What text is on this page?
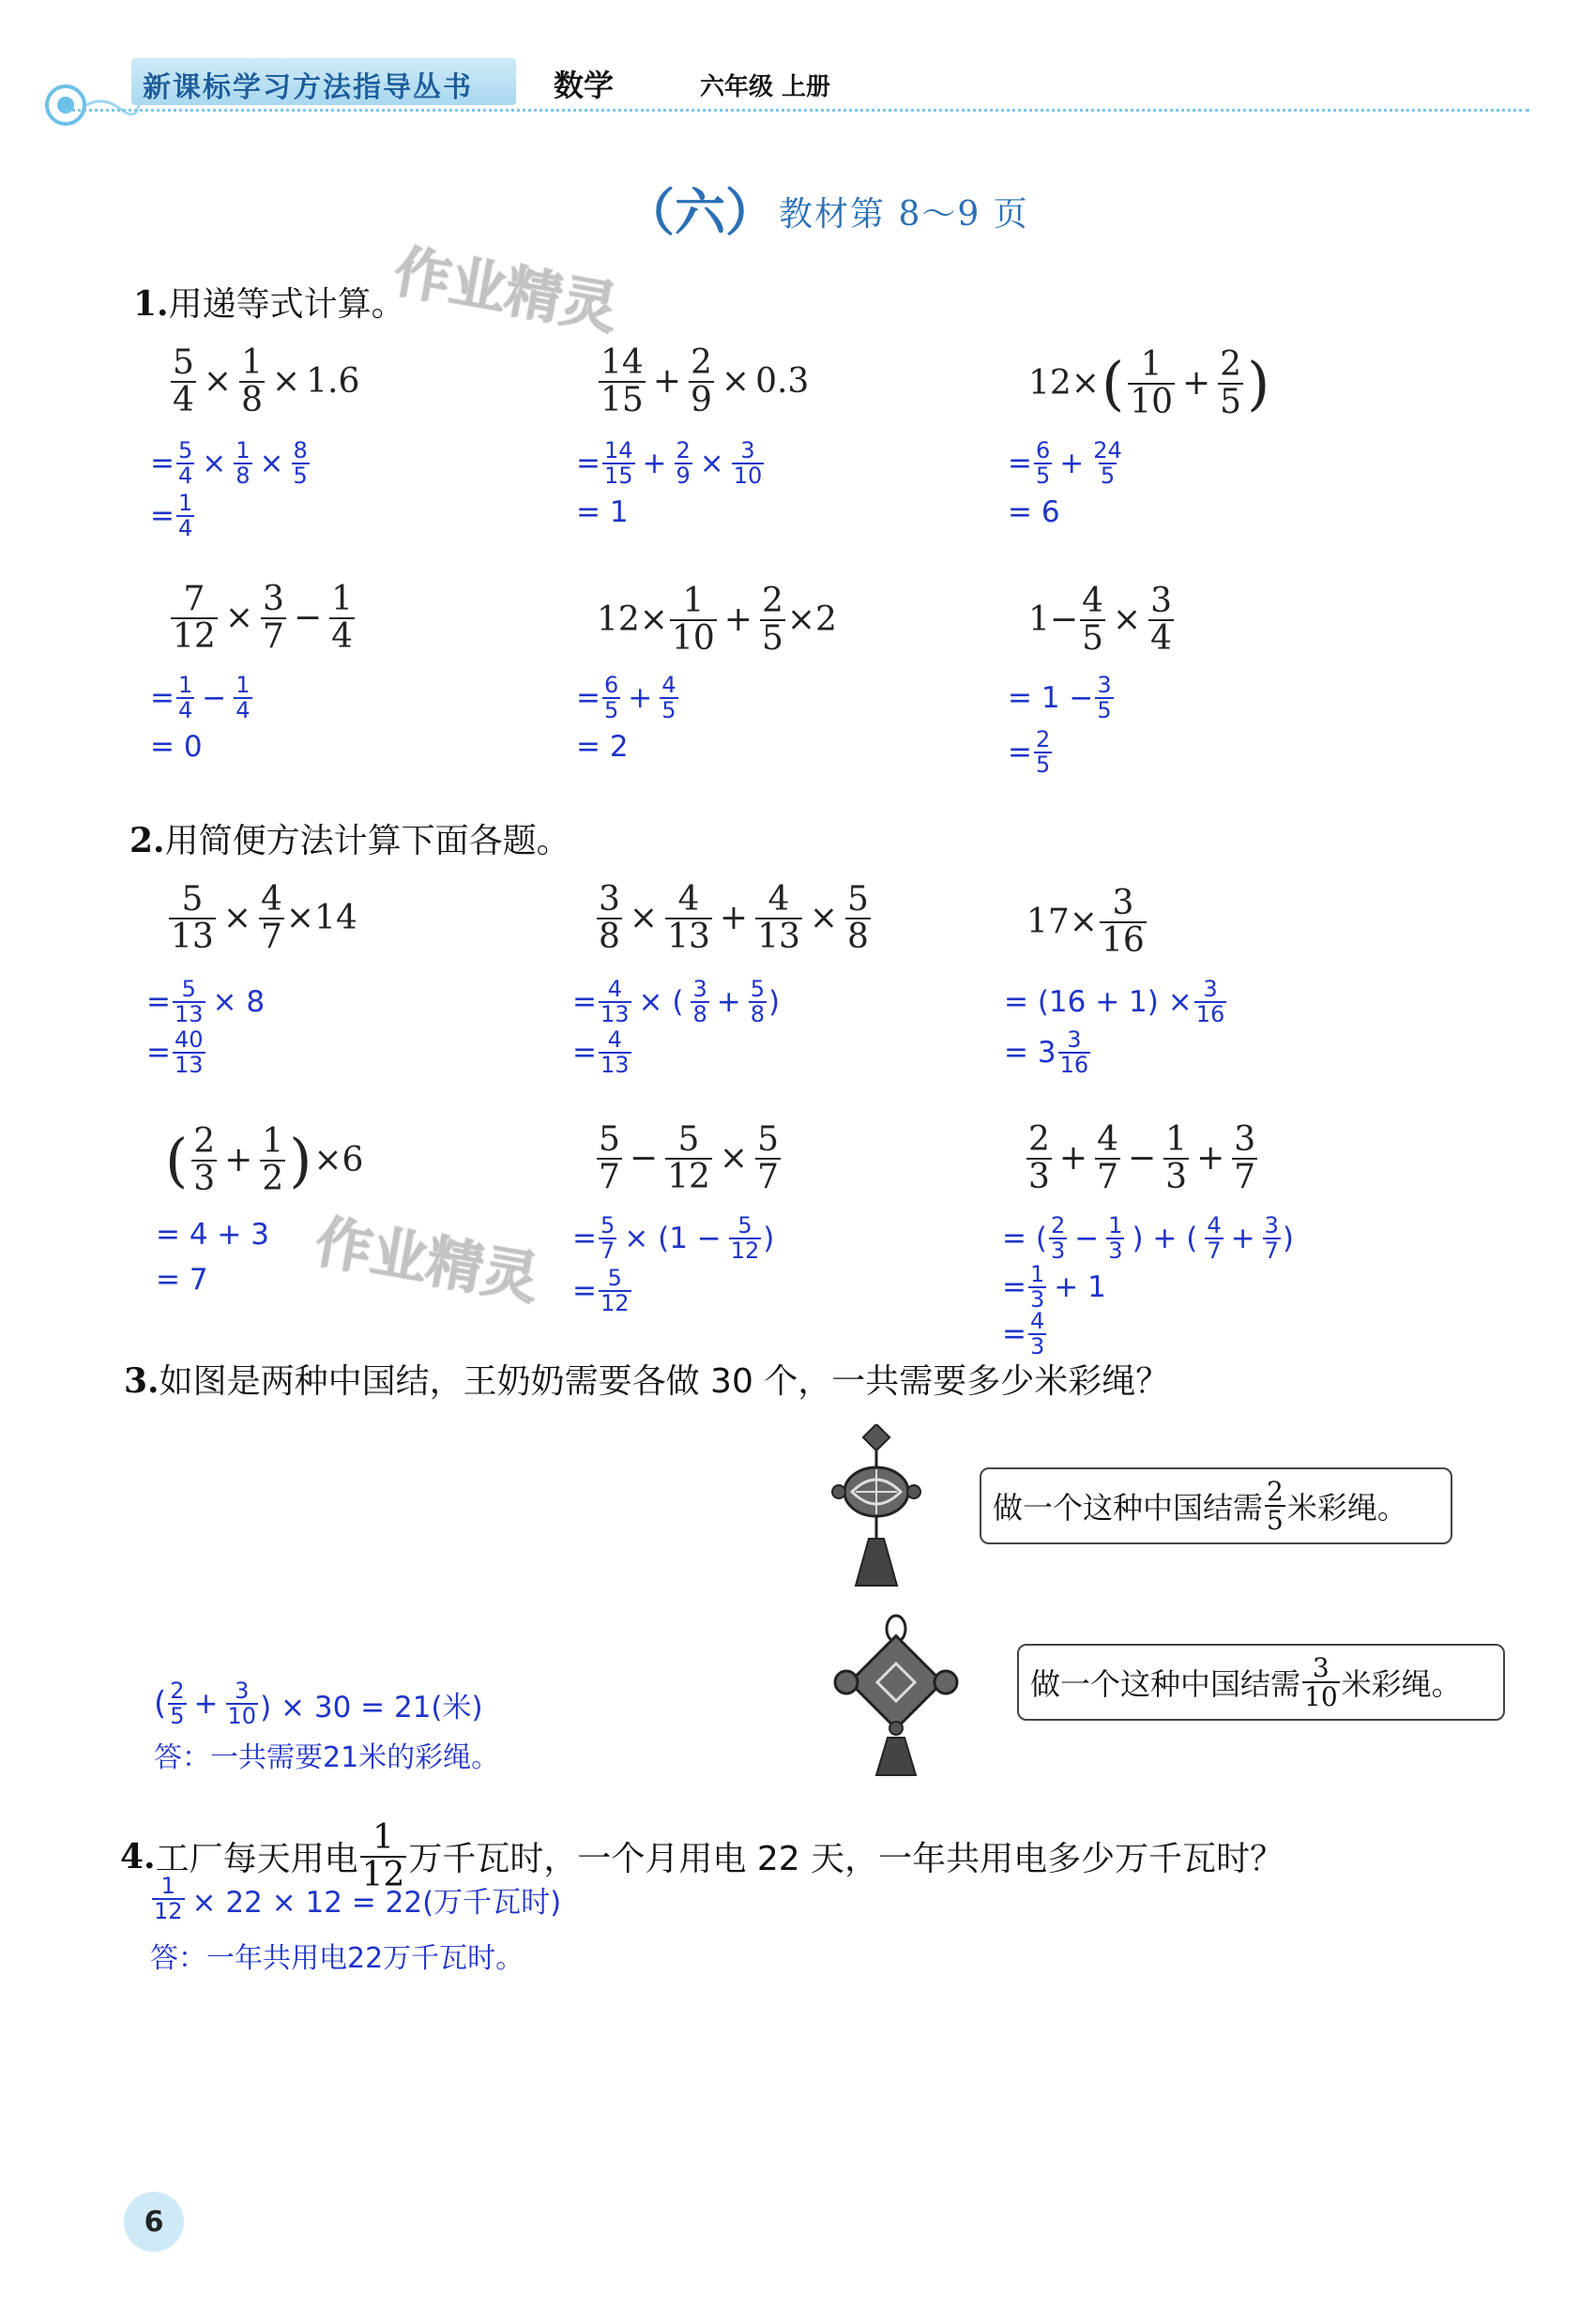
新课标学习方法指导丛书	数学	六年级 上册
（六） 教材第 8～9 页
作业精灵
作业精灵
1.用递等式计算。
$\frac{5}{4} \times \frac{1}{8} \times 1.6$
= $\frac{5}{4} \times \frac{1}{8} \times \frac{8}{5}$
= $\frac{1}{4}$
$\frac{14}{15} + \frac{2}{9} \times 0.3$
= $\frac{14}{15} + \frac{2}{9} \times \frac{3}{10}$
= 1
12× ( $\frac{1}{10} + \frac{2}{5}$ )
= $\frac{6}{5} + \frac{24}{5}$
= 6
$\frac{7}{12} \times \frac{3}{7} - \frac{1}{4}$
= $\frac{1}{4} - \frac{1}{4}$
= 0
$12\times \frac{1}{10} + \frac{2}{5} \times 2$
= $\frac{6}{5} + \frac{4}{5}$
= 2
$1- \frac{4}{5} \times \frac{3}{4}$
= $1 - \frac{3}{5}$
= $\frac{2}{5}$
2.用简便方法计算下面各题。
$\frac{5}{13} \times \frac{4}{7} \times 14$
= $\frac{5}{13} \times 8$
= $\frac{40}{13}$
$\frac{3}{8} \times \frac{4}{13} + \frac{4}{13} \times \frac{5}{8}$
= $\frac{4}{13}$ × ( $\frac{3}{8} + \frac{5}{8}$ )
= $\frac{4}{13}$
$17\times \frac{3}{16}$
= $(16 + 1) \times \frac{3}{16}$
= $3 \frac{3}{16}$
( $\frac{2}{3} + \frac{1}{2}$ ) ×6
= 4 + 3
= 7
$\frac{5}{7} - \frac{5}{12} \times \frac{5}{7}$
= $\frac{5}{7} \times (1 - \frac{5}{12}$ )
= $\frac{5}{12}$
$\frac{2}{3} + \frac{4}{7} - \frac{1}{3} + \frac{3}{7}$
= ( $\frac{2}{3} - \frac{1}{3}$ ) + ( $\frac{4}{7} + \frac{3}{7}$ )
= $\frac{1}{3} + 1$
= $\frac{4}{3}$
3.如图是两种中国结，王奶奶需要各做 30 个，一共需要多少米彩绳？
做一个这种中国结需 $\frac{2}{5}$ 米彩绳。
做一个这种中国结需 $\frac{3}{10}$ 米彩绳。
( $\frac{2}{5} + \frac{3}{10}$ ) × 30 = 21(米)
答：一共需要21米的彩绳。
4. 工厂每天用电 $\frac{1}{12}$ 万千瓦时，一个月用电 22 天，一年共用电多少万千瓦时？
$\frac{1}{12} \times 22 \times 12 = 22$(万千瓦时)
答：一年共用电22万千瓦时。
6
